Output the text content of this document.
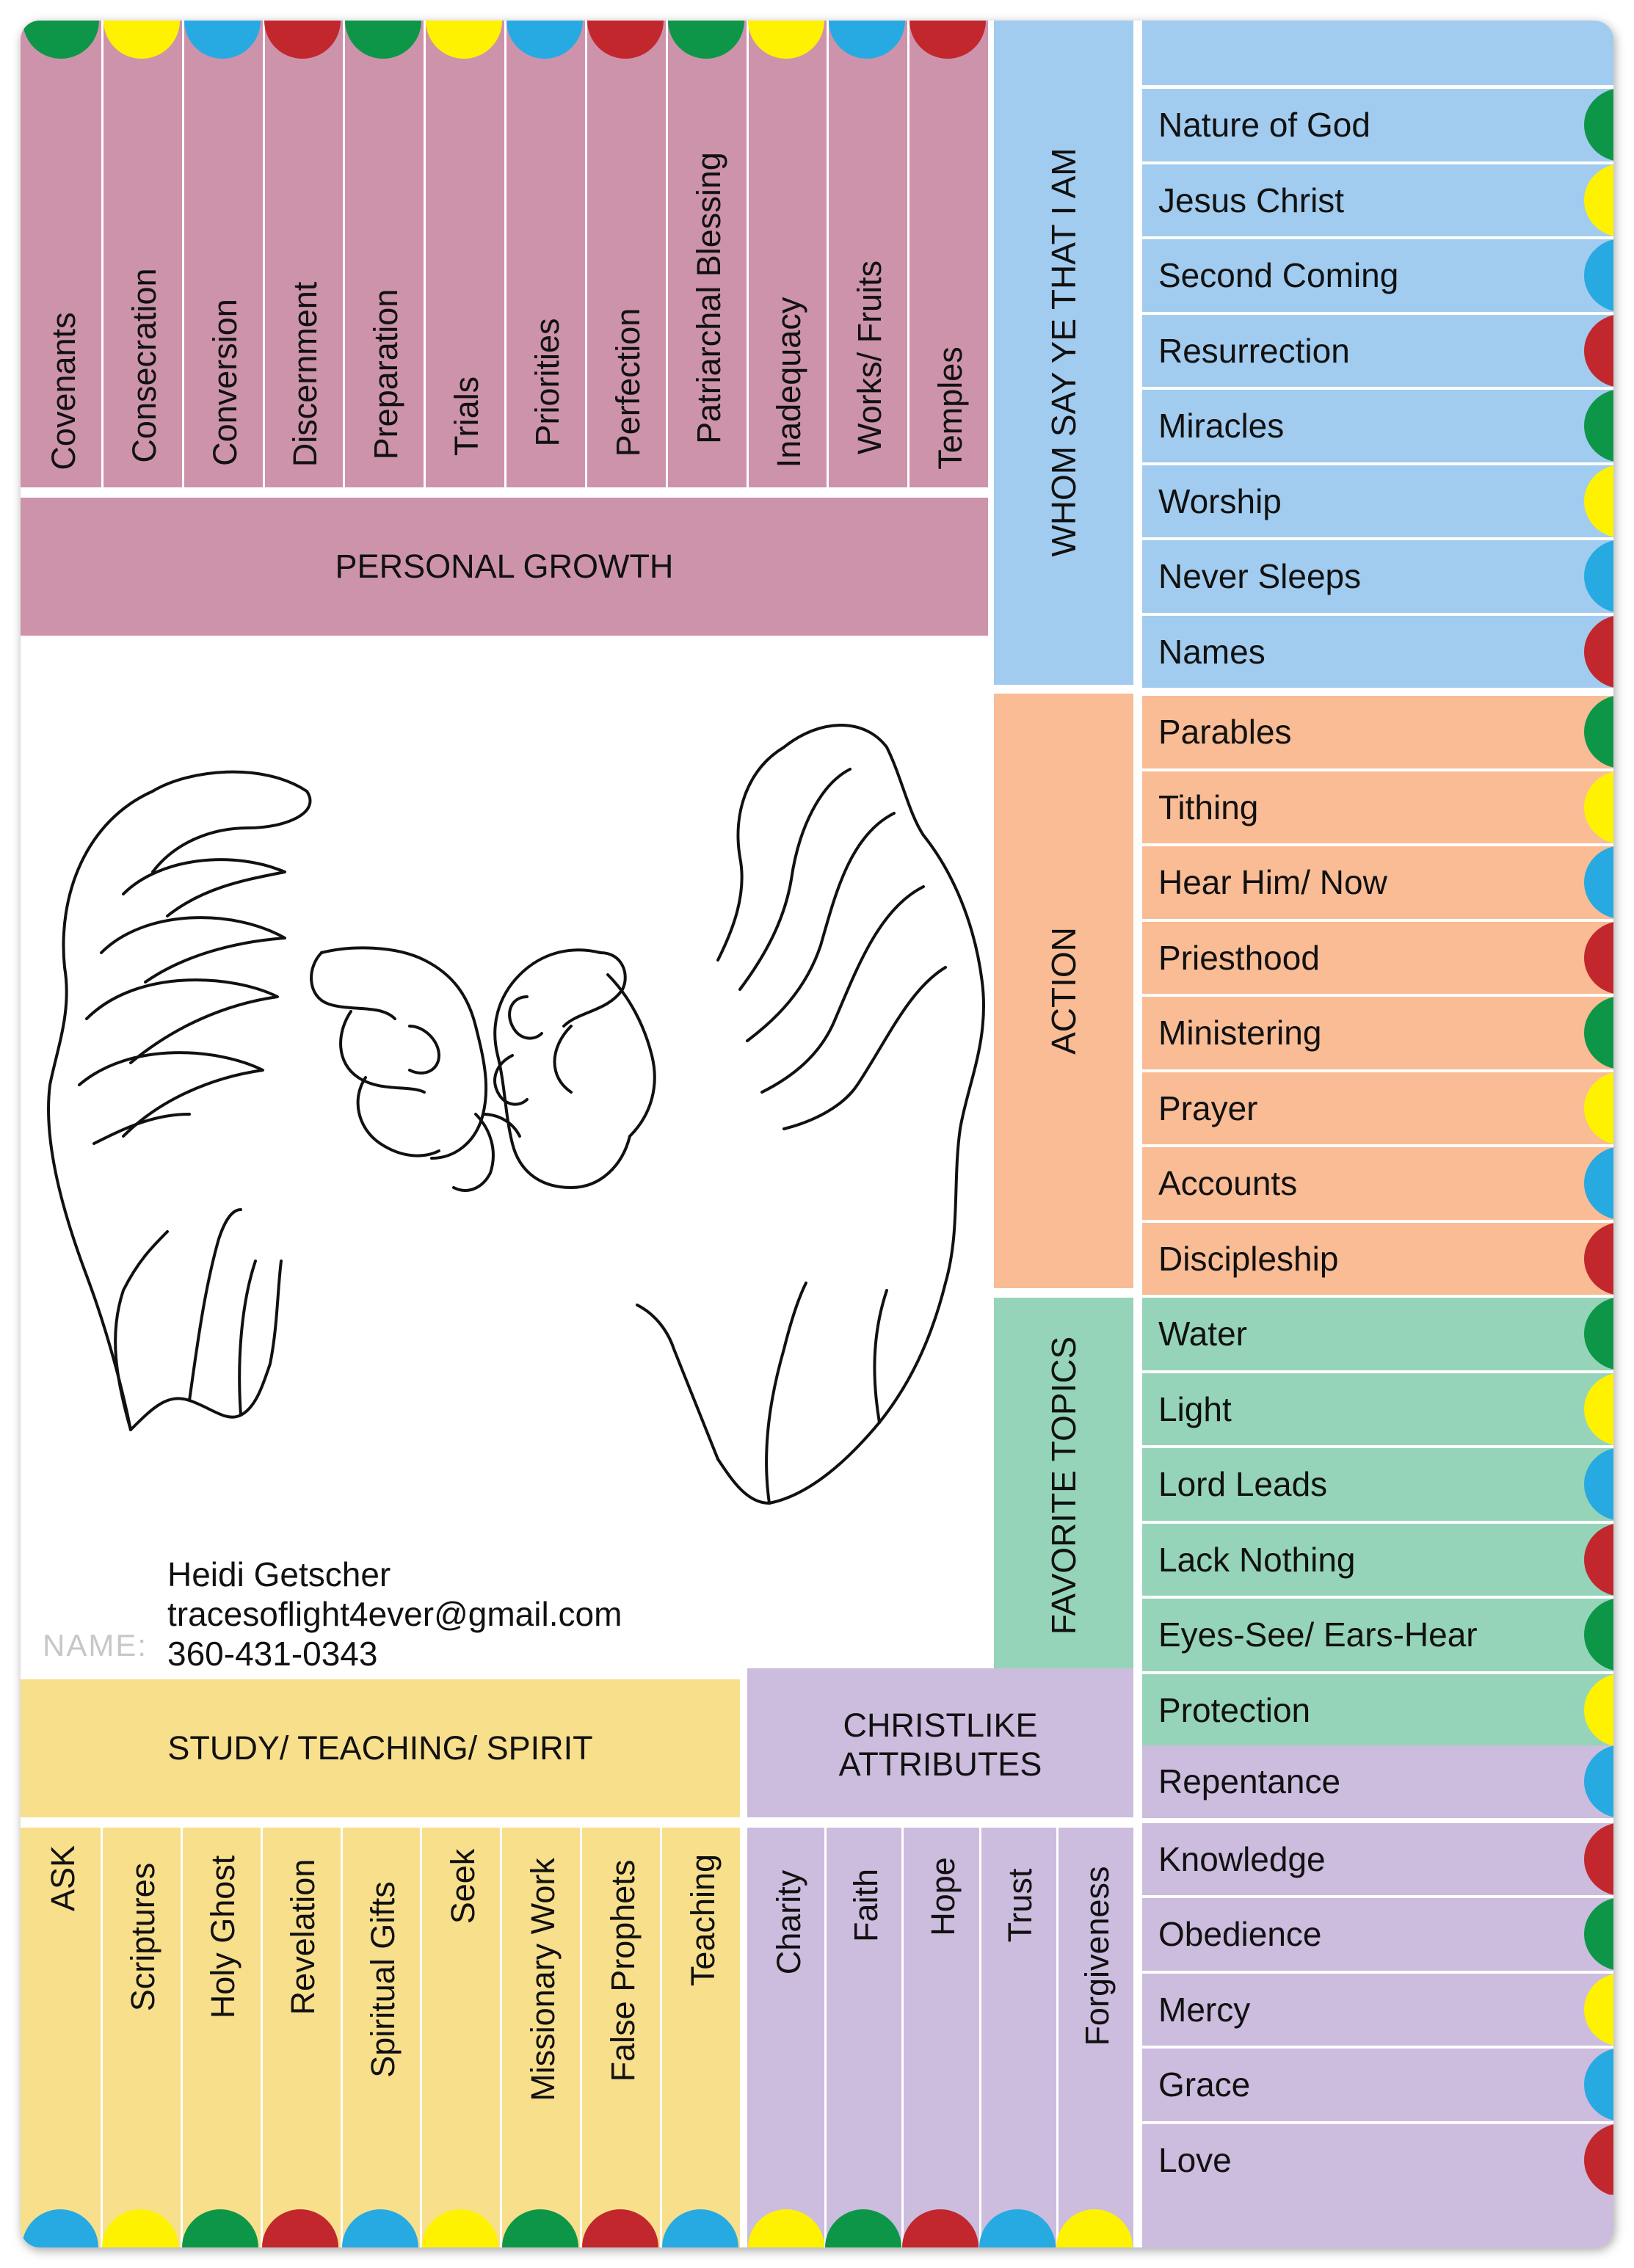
Covenants Consecration Conversion Discernment Preparation Trials Priorities Perfection Patriarchal Blessing Inadequacy Works/ Fruits Temples
PERSONAL GROWTH
WHOM SAY YE THAT I AM
ACTION
FAVORITE TOPICS
Nature of God
Jesus Christ
Second Coming
Resurrection
Miracles
Worship
Never Sleeps
Names
Parables
Tithing
Hear Him/ Now
Priesthood
Ministering
Prayer
Accounts
Discipleship
Water
Light
Lord Leads
Lack Nothing
Eyes-See/ Ears-Hear
Protection
Repentance
Knowledge
Obedience
Mercy
Grace
Love
NAME:
Heidi Getscher
tracesoflight4ever@gmail.com
360-431-0343
STUDY/ TEACHING/ SPIRIT
ASK Scriptures Holy Ghost Revelation Spiritual Gifts Seek Missionary Work False Prophets Teaching
CHRISTLIKE
ATTRIBUTES
Charity Faith Hope Trust Forgiveness
